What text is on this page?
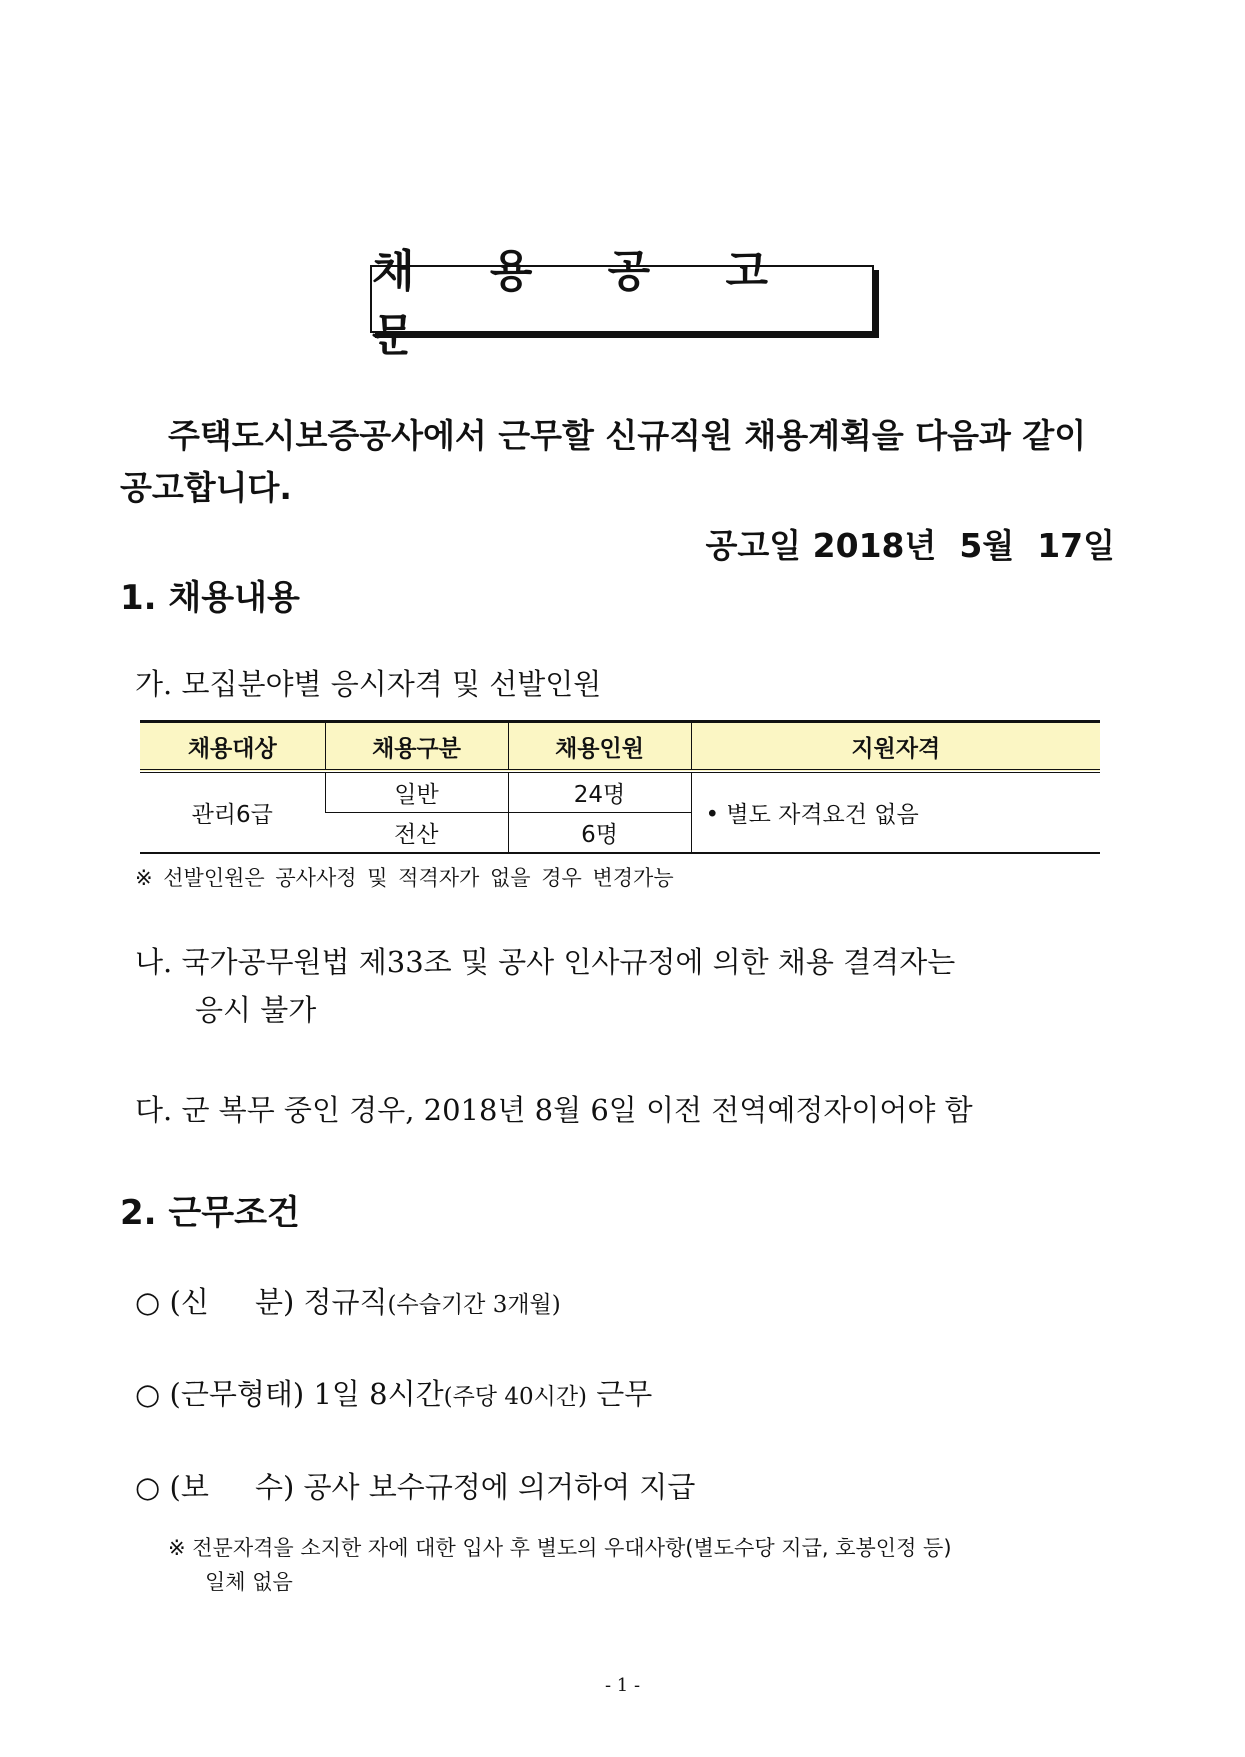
채 용 공 고 문
주택도시보증공사에서 근무할 신규직원 채용계획을 다음과 같이
공고합니다.
공고일 2018년  5월  17일
1. 채용내용
가. 모집분야별 응시자격 및 선발인원
채용대상	채용구분	채용인원	지원자격
관리6급	일반	24명	• 별도 자격요건 없음
	전산	6명	
※ 선발인원은 공사사정 및 적격자가 없을 경우 변경가능
나. 국가공무원법 제33조 및 공사 인사규정에 의한 채용 결격자는
응시 불가
다. 군 복무 중인 경우, 2018년 8월 6일 이전 전역예정자이어야 함
2. 근무조건
○ (신     분) 정규직(수습기간 3개월)
○ (근무형태) 1일 8시간(주당 40시간) 근무
○ (보     수) 공사 보수규정에 의거하여 지급
※ 전문자격을 소지한 자에 대한 입사 후 별도의 우대사항(별도수당 지급, 호봉인정 등)
일체 없음
- 1 -
